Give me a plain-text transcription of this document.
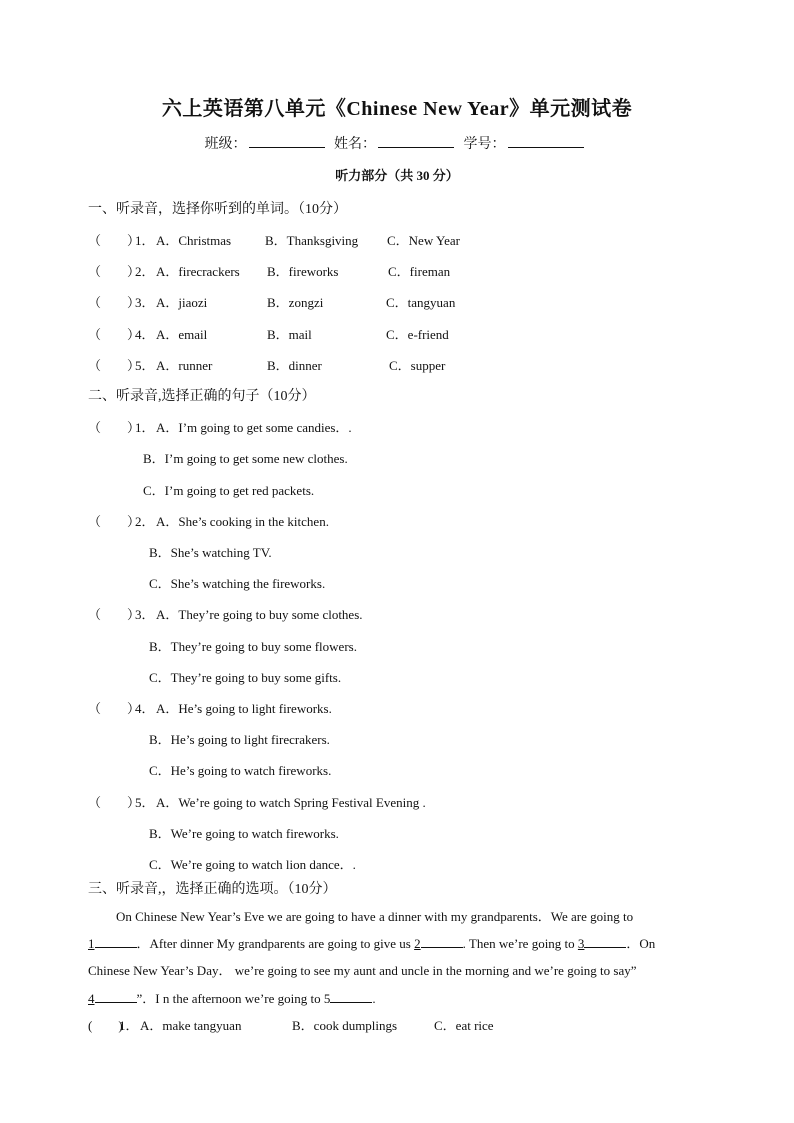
六上英语第八单元《Chinese New Year》单元测试卷
班级：	姓名：	学号：
听力部分（共 30 分）
一、听录音，选择你听到的单词。（10分）
（　　）
1． A．Christmas	B．Thanksgiving C．New Year
（　　）
2． A．firecrackers B．fireworks	C．fireman
（　　）
3． A．jiaozi	B．zongzi	C．tangyuan
（　　）
4． A．email	B．mail	C．e-friend
（　　）
5． A．runner	B．dinner	C．supper
二、听录音,选择正确的句子（10分）
（　　）
1． A．I’m going to get some candies．.
B．I’m going to get some new clothes.
C．I’m going to get red packets.
（　　）
2． A．She’s cooking in the kitchen.
B．She’s watching TV.
C．She’s watching the fireworks.
（　　）
3． A．They’re going to buy some clothes.
B．They’re going to buy some flowers.
C．They’re going to buy some gifts.
（　　）
4． A．He’s going to light fireworks.
B．He’s going to light firecrakers.
C．He’s going to watch fireworks.
（　　）
5． A．We’re going to watch Spring Festival Evening .
B．We’re going to watch fireworks.
C．We’re going to watch lion dance．.
三、听录音,，选择正确的选项。（10分）
On Chinese New Year’s Eve we are going to have a dinner with my grandparents．We are going to
1	．After dinner My grandparents are going to give us 2	. Then we’re going to 3	．On
Chinese New Year’s Day． we’re going to see my aunt and uncle in the morning and we’re going to say”
4	”．I n the afternoon we’re going to 5	.
(　　)
1． A．make tangyuan	B．cook dumplings	C．eat rice
